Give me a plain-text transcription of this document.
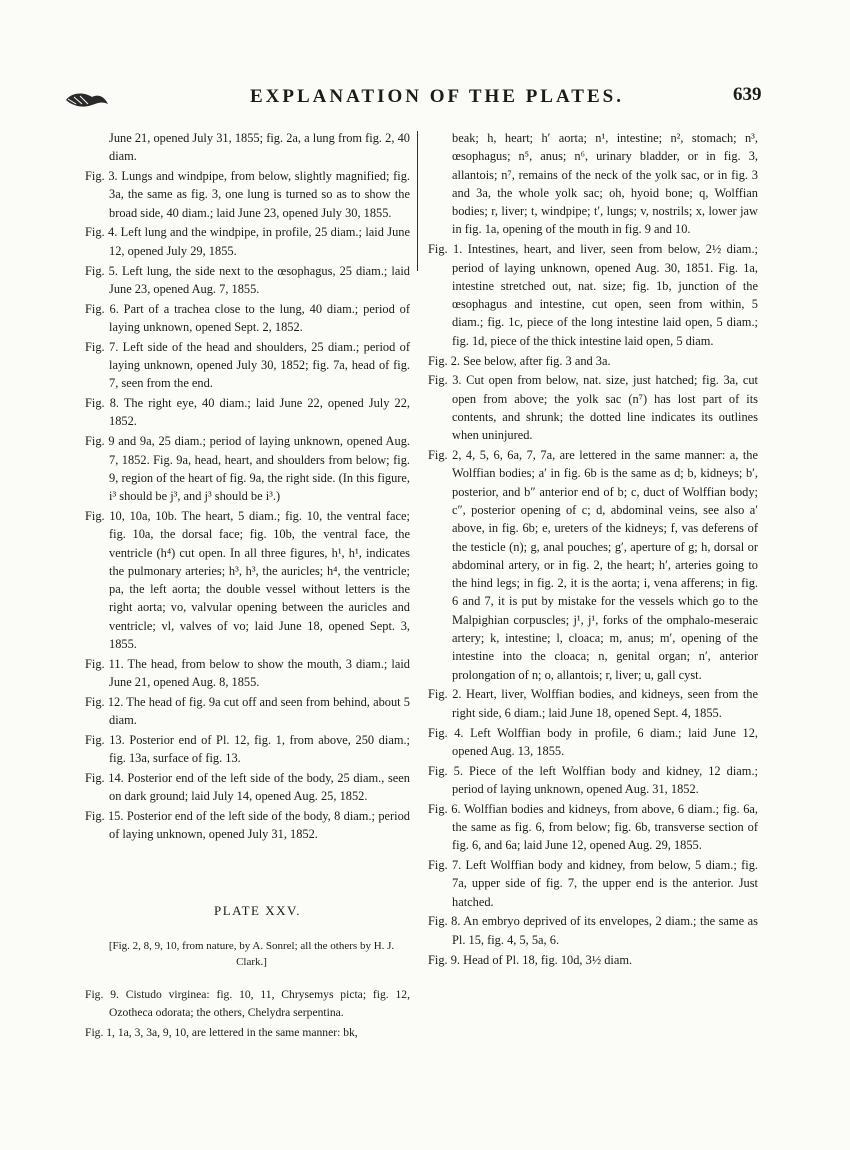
EXPLANATION OF THE PLATES.	639
June 21, opened July 31, 1855; fig. 2a, a lung from fig. 2, 40 diam.
Fig. 3. Lungs and windpipe, from below, slightly magnified; fig. 3a, the same as fig. 3, one lung is turned so as to show the broad side, 40 diam.; laid June 23, opened July 30, 1855.
Fig. 4. Left lung and the windpipe, in profile, 25 diam.; laid June 12, opened July 29, 1855.
Fig. 5. Left lung, the side next to the œsophagus, 25 diam.; laid June 23, opened Aug. 7, 1855.
Fig. 6. Part of a trachea close to the lung, 40 diam.; period of laying unknown, opened Sept. 2, 1852.
Fig. 7. Left side of the head and shoulders, 25 diam.; period of laying unknown, opened July 30, 1852; fig. 7a, head of fig. 7, seen from the end.
Fig. 8. The right eye, 40 diam.; laid June 22, opened July 22, 1852.
Fig. 9 and 9a, 25 diam.; period of laying unknown, opened Aug. 7, 1852. Fig. 9a, head, heart, and shoulders from below; fig. 9, region of the heart of fig. 9a, the right side. (In this figure, i³ should be j³, and j³ should be i³.)
Fig. 10, 10a, 10b. The heart, 5 diam.; fig. 10, the ventral face; fig. 10a, the dorsal face; fig. 10b, the ventral face, the ventricle (h⁴) cut open. In all three figures, h¹, h¹, indicates the pulmonary arteries; h³, h³, the auricles; h⁴, the ventricle; pa, the left aorta; the double vessel without letters is the right aorta; vo, valvular opening between the auricles and ventricle; vl, valves of vo; laid June 18, opened Sept. 3, 1855.
Fig. 11. The head, from below to show the mouth, 3 diam.; laid June 21, opened Aug. 8, 1855.
Fig. 12. The head of fig. 9a cut off and seen from behind, about 5 diam.
Fig. 13. Posterior end of Pl. 12, fig. 1, from above, 250 diam.; fig. 13a, surface of fig. 13.
Fig. 14. Posterior end of the left side of the body, 25 diam., seen on dark ground; laid July 14, opened Aug. 25, 1852.
Fig. 15. Posterior end of the left side of the body, 8 diam.; period of laying unknown, opened July 31, 1852.
PLATE XXV.
[Fig. 2, 8, 9, 10, from nature, by A. Sonrel; all the others by H. J. Clark.]
Fig. 9. Cistudo virginea: fig. 10, 11, Chrysemys picta; fig. 12, Ozotheca odorata; the others, Chelydra serpentina.
Fig. 1, 1a, 3, 3a, 9, 10, are lettered in the same manner: bk,
beak; h, heart; h′ aorta; n¹, intestine; n², stomach; n³, œsophagus; n⁵, anus; n⁶, urinary bladder, or in fig. 3, allantois; n⁷, remains of the neck of the yolk sac, or in fig. 3 and 3a, the whole yolk sac; oh, hyoid bone; q, Wolffian bodies; r, liver; t, windpipe; t′, lungs; v, nostrils; x, lower jaw in fig. 1a, opening of the mouth in fig. 9 and 10.
Fig. 1. Intestines, heart, and liver, seen from below, 2½ diam.; period of laying unknown, opened Aug. 30, 1851. Fig. 1a, intestine stretched out, nat. size; fig. 1b, junction of the œsophagus and intestine, cut open, seen from within, 5 diam.; fig. 1c, piece of the long intestine laid open, 5 diam.; fig. 1d, piece of the thick intestine laid open, 5 diam.
Fig. 2. See below, after fig. 3 and 3a.
Fig. 3. Cut open from below, nat. size, just hatched; fig. 3a, cut open from above; the yolk sac (n⁷) has lost part of its contents, and shrunk; the dotted line indicates its outlines when uninjured.
Fig. 2, 4, 5, 6, 6a, 7, 7a, are lettered in the same manner: a, the Wolffian bodies; a′ in fig. 6b is the same as d; b, kidneys; b′, posterior, and b″ anterior end of b; c, duct of Wolffian body; c″, posterior opening of c; d, abdominal veins, see also a′ above, in fig. 6b; e, ureters of the kidneys; f, vas deferens of the testicle (n); g, anal pouches; g′, aperture of g; h, dorsal or abdominal artery, or in fig. 2, the heart; h′, arteries going to the hind legs; in fig. 2, it is the aorta; i, vena afferens; in fig. 6 and 7, it is put by mistake for the vessels which go to the Malpighian corpuscles; j¹, j¹, forks of the omphalo-meseraic artery; k, intestine; l, cloaca; m, anus; m′, opening of the intestine into the cloaca; n, genital organ; n′, anterior prolongation of n; o, allantois; r, liver; u, gall cyst.
Fig. 2. Heart, liver, Wolffian bodies, and kidneys, seen from the right side, 6 diam.; laid June 18, opened Sept. 4, 1855.
Fig. 4. Left Wolffian body in profile, 6 diam.; laid June 12, opened Aug. 13, 1855.
Fig. 5. Piece of the left Wolffian body and kidney, 12 diam.; period of laying unknown, opened Aug. 31, 1852.
Fig. 6. Wolffian bodies and kidneys, from above, 6 diam.; fig. 6a, the same as fig. 6, from below; fig. 6b, transverse section of fig. 6, and 6a; laid June 12, opened Aug. 29, 1855.
Fig. 7. Left Wolffian body and kidney, from below, 5 diam.; fig. 7a, upper side of fig. 7, the upper end is the anterior. Just hatched.
Fig. 8. An embryo deprived of its envelopes, 2 diam.; the same as Pl. 15, fig. 4, 5, 5a, 6.
Fig. 9. Head of Pl. 18, fig. 10d, 3½ diam.
